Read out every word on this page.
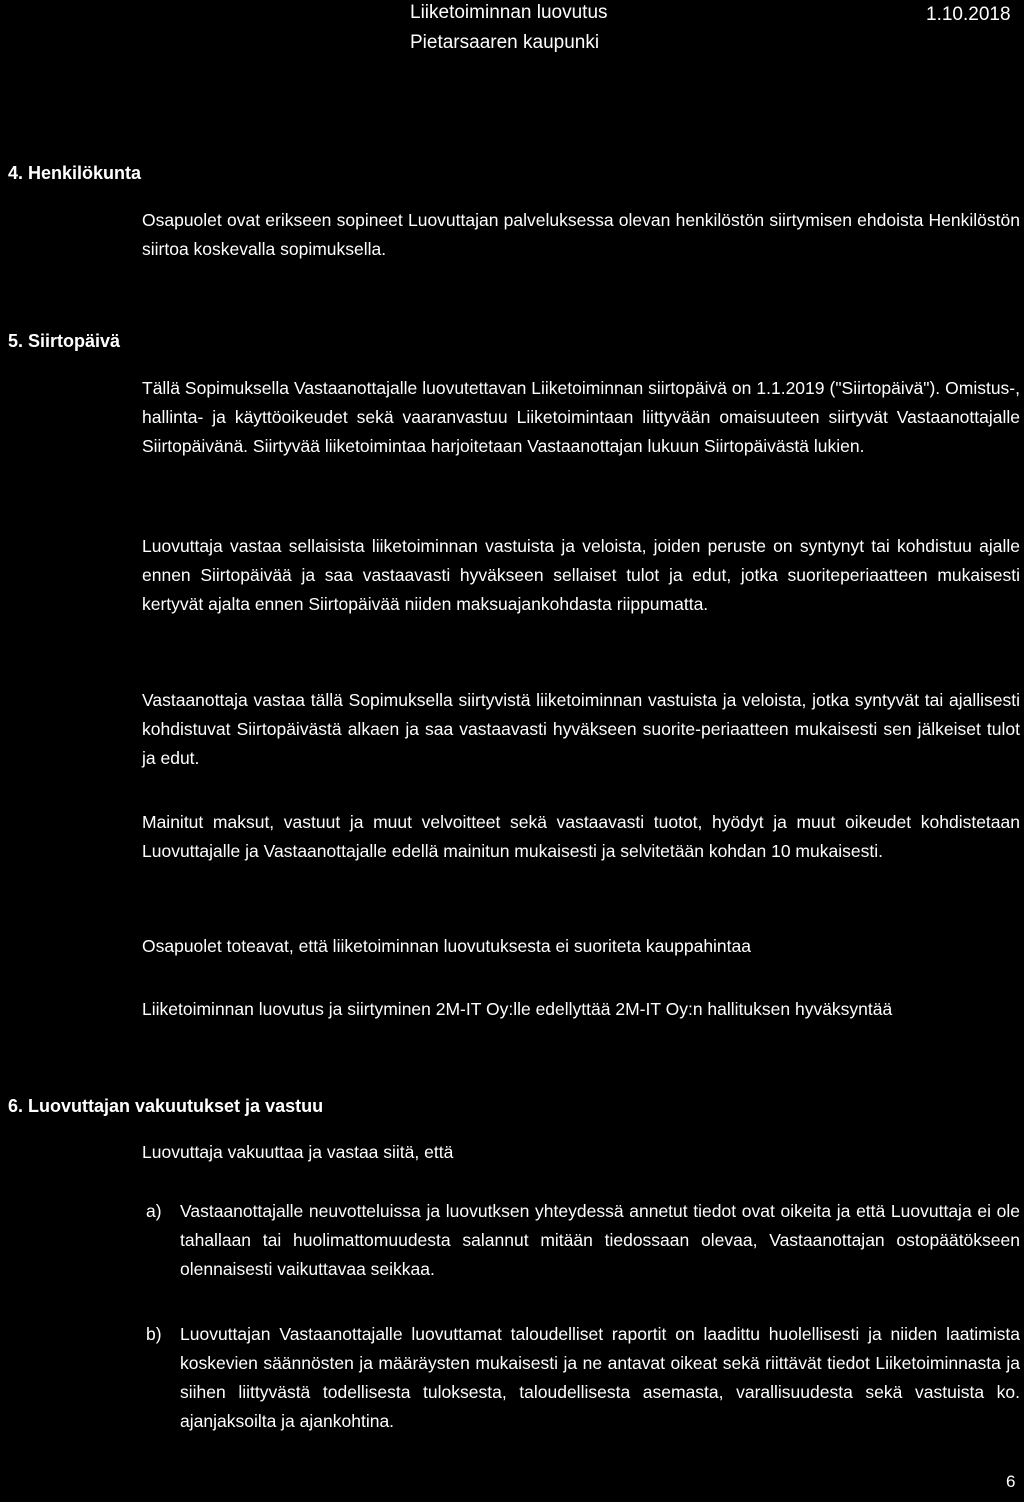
Liiketoiminnan luovutus	1.10.2018
Pietarsaaren kaupunki
4. Henkilökunta
Osapuolet ovat erikseen sopineet Luovuttajan palveluksessa olevan henkilöstön siirtymisen ehdoista Henkilöstön siirtoa koskevalla sopimuksella.
5. Siirtopäivä
Tällä Sopimuksella Vastaanottajalle luovutettavan Liiketoiminnan siirtopäivä on 1.1.2019 ("Siirtopäivä"). Omistus-, hallinta- ja käyttöoikeudet sekä vaaranvastuu Liiketoimintaan liittyvään omaisuuteen siirtyvät Vastaanottajalle Siirtopäivänä. Siirtyvää liiketoimintaa harjoitetaan Vastaanottajan lukuun Siirtopäivästä lukien.
Luovuttaja vastaa sellaisista liiketoiminnan vastuista ja veloista, joiden peruste on syntynyt tai kohdistuu ajalle ennen Siirtopäivää ja saa vastaavasti hyväkseen sellaiset tulot ja edut, jotka suoriteperiaatteen mukaisesti kertyvät ajalta ennen Siirtopäivää niiden maksuajankohdasta riippumatta.
Vastaanottaja vastaa tällä Sopimuksella siirtyvistä liiketoiminnan vastuista ja veloista, jotka syntyvät tai ajallisesti kohdistuvat Siirtopäivästä alkaen ja saa vastaavasti hyväkseen suorite-periaatteen mukaisesti sen jälkeiset tulot ja edut.
Mainitut maksut, vastuut ja muut velvoitteet sekä vastaavasti tuotot, hyödyt ja muut oikeudet kohdistetaan Luovuttajalle ja Vastaanottajalle edellä mainitun mukaisesti ja selvitetään kohdan 10 mukaisesti.
Osapuolet toteavat, että liiketoiminnan luovutuksesta ei suoriteta kauppahintaa
Liiketoiminnan luovutus ja siirtyminen 2M-IT Oy:lle edellyttää 2M-IT Oy:n hallituksen hyväksyntää
6. Luovuttajan vakuutukset ja vastuu
Luovuttaja vakuuttaa ja vastaa siitä, että
a) Vastaanottajalle neuvotteluissa ja luovutksen yhteydessä annetut tiedot ovat oikeita ja että Luovuttaja ei ole tahallaan tai huolimattomuudesta salannut mitään tiedossaan olevaa, Vastaanottajan ostopäätökseen olennaisesti vaikuttavaa seikkaa.
b) Luovuttajan Vastaanottajalle luovuttamat taloudelliset raportit on laadittu huolellisesti ja niiden laatimista koskevien säännösten ja määräysten mukaisesti ja ne antavat oikeat sekä riittävät tiedot Liiketoiminnasta ja siihen liittyvästä todellisesta tuloksesta, taloudellisesta asemasta, varallisuudesta sekä vastuista ko. ajanjaksoilta ja ajankohtina.
6
